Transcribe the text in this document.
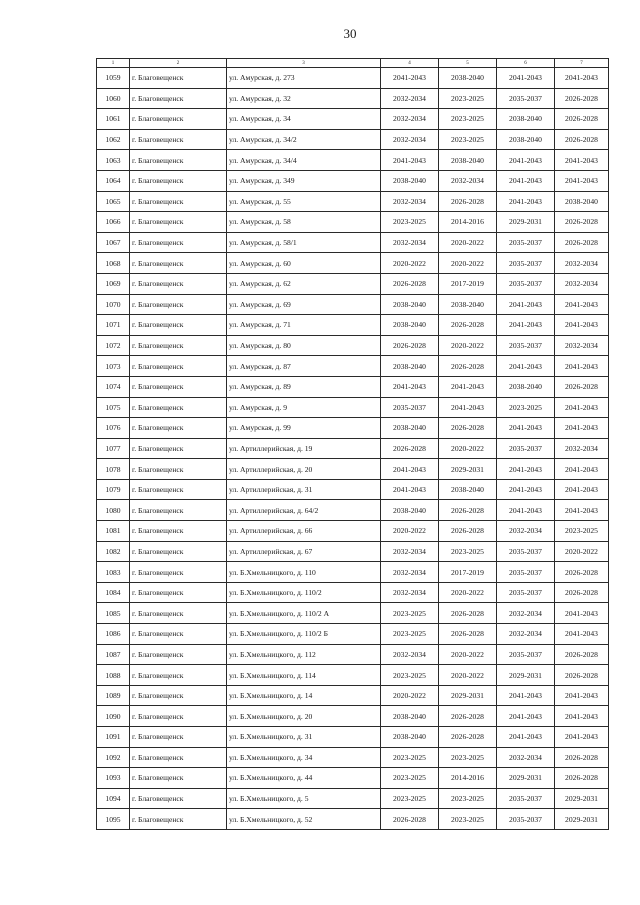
30
1	2	3	4	5	6	7
1059	г. Благовещенск	ул. Амурская, д. 273	2041-2043	2038-2040	2041-2043	2041-2043
1060	г. Благовещенск	ул. Амурская, д. 32	2032-2034	2023-2025	2035-2037	2026-2028
1061	г. Благовещенск	ул. Амурская, д. 34	2032-2034	2023-2025	2038-2040	2026-2028
1062	г. Благовещенск	ул. Амурская, д. 34/2	2032-2034	2023-2025	2038-2040	2026-2028
1063	г. Благовещенск	ул. Амурская, д. 34/4	2041-2043	2038-2040	2041-2043	2041-2043
1064	г. Благовещенск	ул. Амурская, д. 349	2038-2040	2032-2034	2041-2043	2041-2043
1065	г. Благовещенск	ул. Амурская, д. 55	2032-2034	2026-2028	2041-2043	2038-2040
1066	г. Благовещенск	ул. Амурская, д. 58	2023-2025	2014-2016	2029-2031	2026-2028
1067	г. Благовещенск	ул. Амурская, д. 58/1	2032-2034	2020-2022	2035-2037	2026-2028
1068	г. Благовещенск	ул. Амурская, д. 60	2020-2022	2020-2022	2035-2037	2032-2034
1069	г. Благовещенск	ул. Амурская, д. 62	2026-2028	2017-2019	2035-2037	2032-2034
1070	г. Благовещенск	ул. Амурская, д. 69	2038-2040	2038-2040	2041-2043	2041-2043
1071	г. Благовещенск	ул. Амурская, д. 71	2038-2040	2026-2028	2041-2043	2041-2043
1072	г. Благовещенск	ул. Амурская, д. 80	2026-2028	2020-2022	2035-2037	2032-2034
1073	г. Благовещенск	ул. Амурская, д. 87	2038-2040	2026-2028	2041-2043	2041-2043
1074	г. Благовещенск	ул. Амурская, д. 89	2041-2043	2041-2043	2038-2040	2026-2028
1075	г. Благовещенск	ул. Амурская, д. 9	2035-2037	2041-2043	2023-2025	2041-2043
1076	г. Благовещенск	ул. Амурская, д. 99	2038-2040	2026-2028	2041-2043	2041-2043
1077	г. Благовещенск	ул. Артиллерийская, д. 19	2026-2028	2020-2022	2035-2037	2032-2034
1078	г. Благовещенск	ул. Артиллерийская, д. 20	2041-2043	2029-2031	2041-2043	2041-2043
1079	г. Благовещенск	ул. Артиллерийская, д. 31	2041-2043	2038-2040	2041-2043	2041-2043
1080	г. Благовещенск	ул. Артиллерийская, д. 64/2	2038-2040	2026-2028	2041-2043	2041-2043
1081	г. Благовещенск	ул. Артиллерийская, д. 66	2020-2022	2026-2028	2032-2034	2023-2025
1082	г. Благовещенск	ул. Артиллерийская, д. 67	2032-2034	2023-2025	2035-2037	2020-2022
1083	г. Благовещенск	ул. Б.Хмельницкого, д. 110	2032-2034	2017-2019	2035-2037	2026-2028
1084	г. Благовещенск	ул. Б.Хмельницкого, д. 110/2	2032-2034	2020-2022	2035-2037	2026-2028
1085	г. Благовещенск	ул. Б.Хмельницкого, д. 110/2 А	2023-2025	2026-2028	2032-2034	2041-2043
1086	г. Благовещенск	ул. Б.Хмельницкого, д. 110/2 Б	2023-2025	2026-2028	2032-2034	2041-2043
1087	г. Благовещенск	ул. Б.Хмельницкого, д. 112	2032-2034	2020-2022	2035-2037	2026-2028
1088	г. Благовещенск	ул. Б.Хмельницкого, д. 114	2023-2025	2020-2022	2029-2031	2026-2028
1089	г. Благовещенск	ул. Б.Хмельницкого, д. 14	2020-2022	2029-2031	2041-2043	2041-2043
1090	г. Благовещенск	ул. Б.Хмельницкого, д. 20	2038-2040	2026-2028	2041-2043	2041-2043
1091	г. Благовещенск	ул. Б.Хмельницкого, д. 31	2038-2040	2026-2028	2041-2043	2041-2043
1092	г. Благовещенск	ул. Б.Хмельницкого, д. 34	2023-2025	2023-2025	2032-2034	2026-2028
1093	г. Благовещенск	ул. Б.Хмельницкого, д. 44	2023-2025	2014-2016	2029-2031	2026-2028
1094	г. Благовещенск	ул. Б.Хмельницкого, д. 5	2023-2025	2023-2025	2035-2037	2029-2031
1095	г. Благовещенск	ул. Б.Хмельницкого, д. 52	2026-2028	2023-2025	2035-2037	2029-2031
